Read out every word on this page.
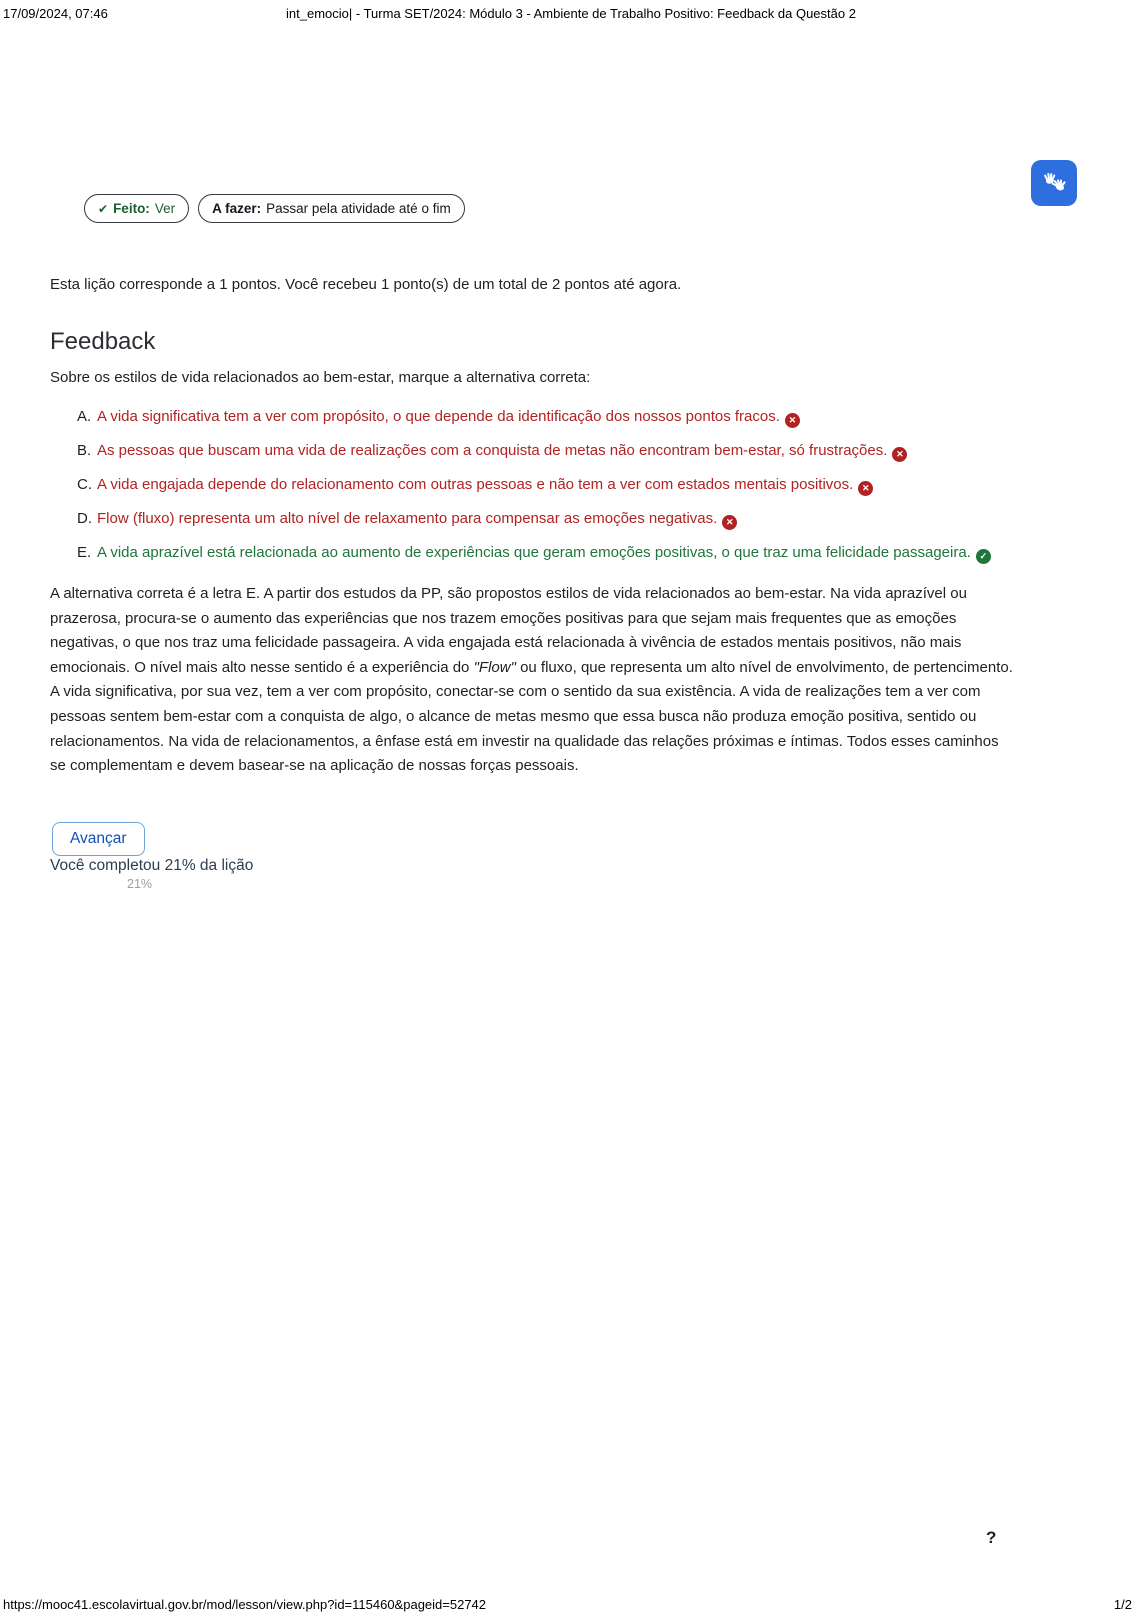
17/09/2024, 07:46	int_emocio| - Turma SET/2024: Módulo 3 - Ambiente de Trabalho Positivo: Feedback da Questão 2
✔ Feito: Ver	A fazer: Passar pela atividade até o fim

Esta lição corresponde a 1 pontos. Você recebeu 1 ponto(s) de um total de 2 pontos até agora.

Feedback

Sobre os estilos de vida relacionados ao bem-estar, marque a alternativa correta:

A. A vida significativa tem a ver com propósito, o que depende da identificação dos nossos pontos fracos. ✕
B. As pessoas que buscam uma vida de realizações com a conquista de metas não encontram bem-estar, só frustrações. ✕
C. A vida engajada depende do relacionamento com outras pessoas e não tem a ver com estados mentais positivos. ✕
D. Flow (fluxo) representa um alto nível de relaxamento para compensar as emoções negativas. ✕
E. A vida aprazível está relacionada ao aumento de experiências que geram emoções positivas, o que traz uma felicidade passageira. ✓

A alternativa correta é a letra E. A partir dos estudos da PP, são propostos estilos de vida relacionados ao bem-estar. Na vida aprazível ou prazerosa, procura-se o aumento das experiências que nos trazem emoções positivas para que sejam mais frequentes que as emoções negativas, o que nos traz uma felicidade passageira. A vida engajada está relacionada à vivência de estados mentais positivos, não mais emocionais. O nível mais alto nesse sentido é a experiência do "Flow" ou fluxo, que representa um alto nível de envolvimento, de pertencimento. A vida significativa, por sua vez, tem a ver com propósito, conectar-se com o sentido da sua existência. A vida de realizações tem a ver com pessoas sentem bem-estar com a conquista de algo, o alcance de metas mesmo que essa busca não produza emoção positiva, sentido ou relacionamentos. Na vida de relacionamentos, a ênfase está em investir na qualidade das relações próximas e íntimas. Todos esses caminhos se complementam e devem basear-se na aplicação de nossas forças pessoais.

Avançar

Você completou 21% da lição

21%
?
https://mooc41.escolavirtual.gov.br/mod/lesson/view.php?id=115460&pageid=52742	1/2
